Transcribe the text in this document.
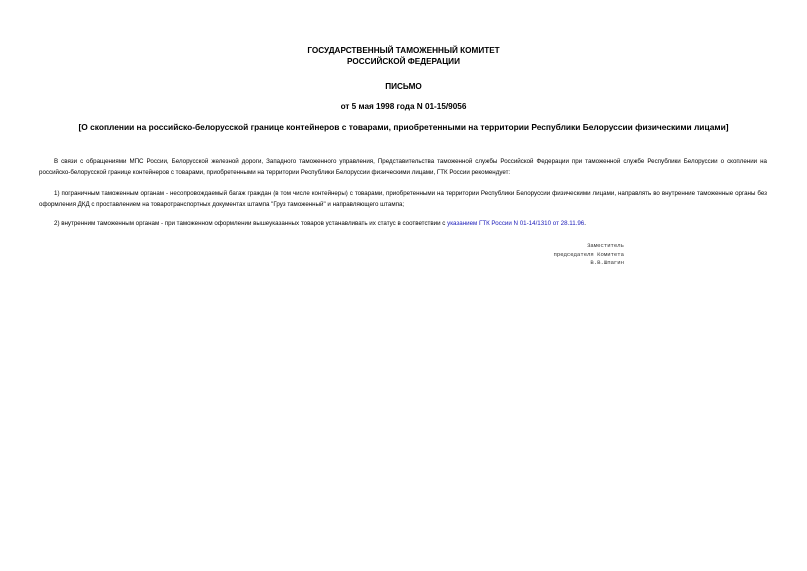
ГОСУДАРСТВЕННЫЙ ТАМОЖЕННЫЙ КОМИТЕТ
РОССИЙСКОЙ ФЕДЕРАЦИИ
ПИСЬМО
от 5 мая 1998 года N 01-15/9056
[О скоплении на российско-белорусской границе контейнеров с товарами, приобретенными на территории Республики Белоруссии физическими лицами]

В связи с обращениями МПС России, Белорусской железной дороги, Западного таможенного управления, Представительства таможенной службы Российской Федерации при таможенной службе Республики Белоруссии о скоплении на российско-белорусской границе контейнеров с товарами, приобретенными на территории Республики Белоруссии физическими лицами, ГТК России рекомендует:

1) пограничным таможенным органам - несопровождаемый багаж граждан (в том числе контейнеры) с товарами, приобретенными на территории Республики Белоруссии физическими лицами, направлять во внутренние таможенные органы без оформления ДКД с проставлением на товаротранспортных документах штампа "Груз таможенный" и направляющего штампа;

2) внутренним таможенным органам - при таможенном оформлении вышеуказанных товаров устанавливать их статус в соответствии с указанием ГТК России N 01-14/1310 от 28.11.96.

Заместитель
председателя Комитета
В.В.Шпагин
